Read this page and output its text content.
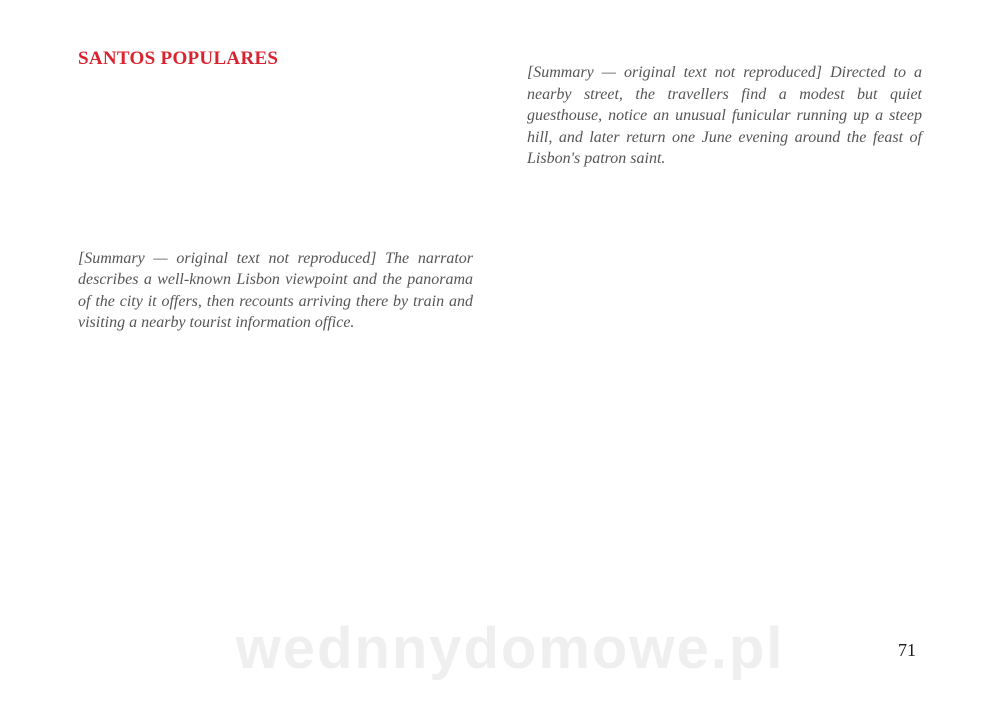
SANTOS POPULARES

[Summary — original text not reproduced] The narrator describes a well-known Lisbon viewpoint and the panorama of the city it offers, then recounts arriving there by train and visiting a nearby tourist information office.

[Summary — original text not reproduced] Directed to a nearby street, the travellers find a modest but quiet guesthouse, notice an unusual funicular running up a steep hill, and later return one June evening around the feast of Lisbon's patron saint.

71
wednnydomowe.pl
